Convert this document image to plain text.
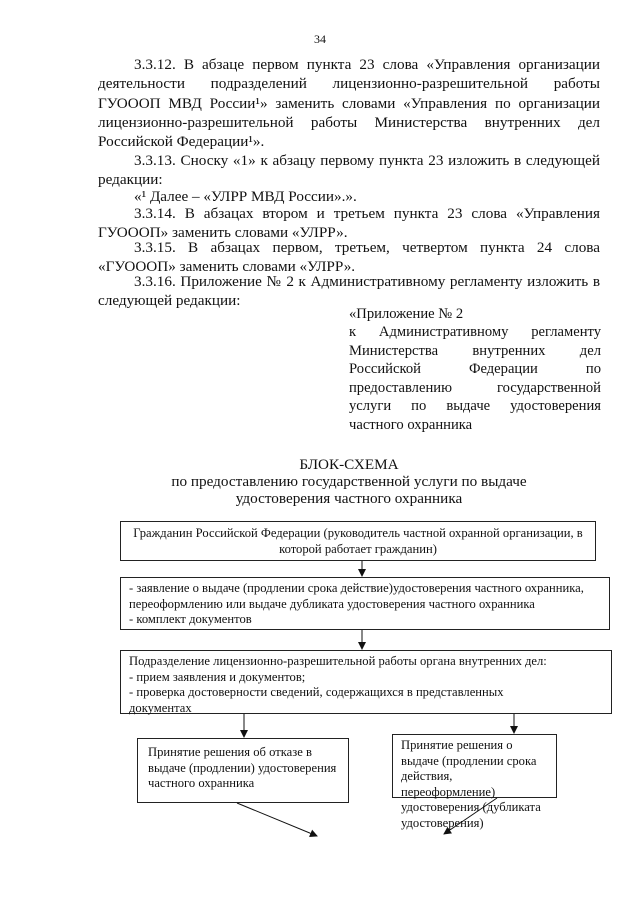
34

3.3.12. В абзаце первом пункта 23 слова «Управления организации деятельности подразделений лицензионно-разрешительной работы ГУОООП МВД России¹» заменить словами «Управления по организации лицензионно-разрешительной работы Министерства внутренних дел Российской Федерации¹».

3.3.13. Сноску «1» к абзацу первому пункта 23 изложить в следующей редакции:

«¹ Далее – «УЛРР МВД России».».

3.3.14. В абзацах втором и третьем пункта 23 слова «Управления ГУОООП» заменить словами «УЛРР».

3.3.15. В абзацах первом, третьем, четвертом пункта 24 слова «ГУОООП» заменить словами «УЛРР».

3.3.16. Приложение № 2 к Административному регламенту изложить в следующей редакции:

«Приложение № 2
к Административному регламенту Министерства внутренних дел Российской Федерации по предоставлению государственной услуги по выдаче удостоверения частного охранника
БЛОК-СХЕМА
по предоставлению государственной услуги по выдаче
удостоверения частного охранника
Гражданин Российской Федерации (руководитель частной охранной организации, в которой работает гражданин)
- заявление о выдаче (продлении срока действие)удостоверения частного охранника,
переоформлению или выдаче дубликата удостоверения частного охранника
- комплект документов
Подразделение лицензионно-разрешительной работы органа внутренних дел:
- прием заявления и документов;
- проверка достоверности сведений, содержащихся в представленных
документах
Принятие решения об отказе в выдаче (продлении) удостоверения частного охранника
Принятие решения о выдаче (продлении срока действия, переоформление) удостоверения (дубликата удостоверения)
